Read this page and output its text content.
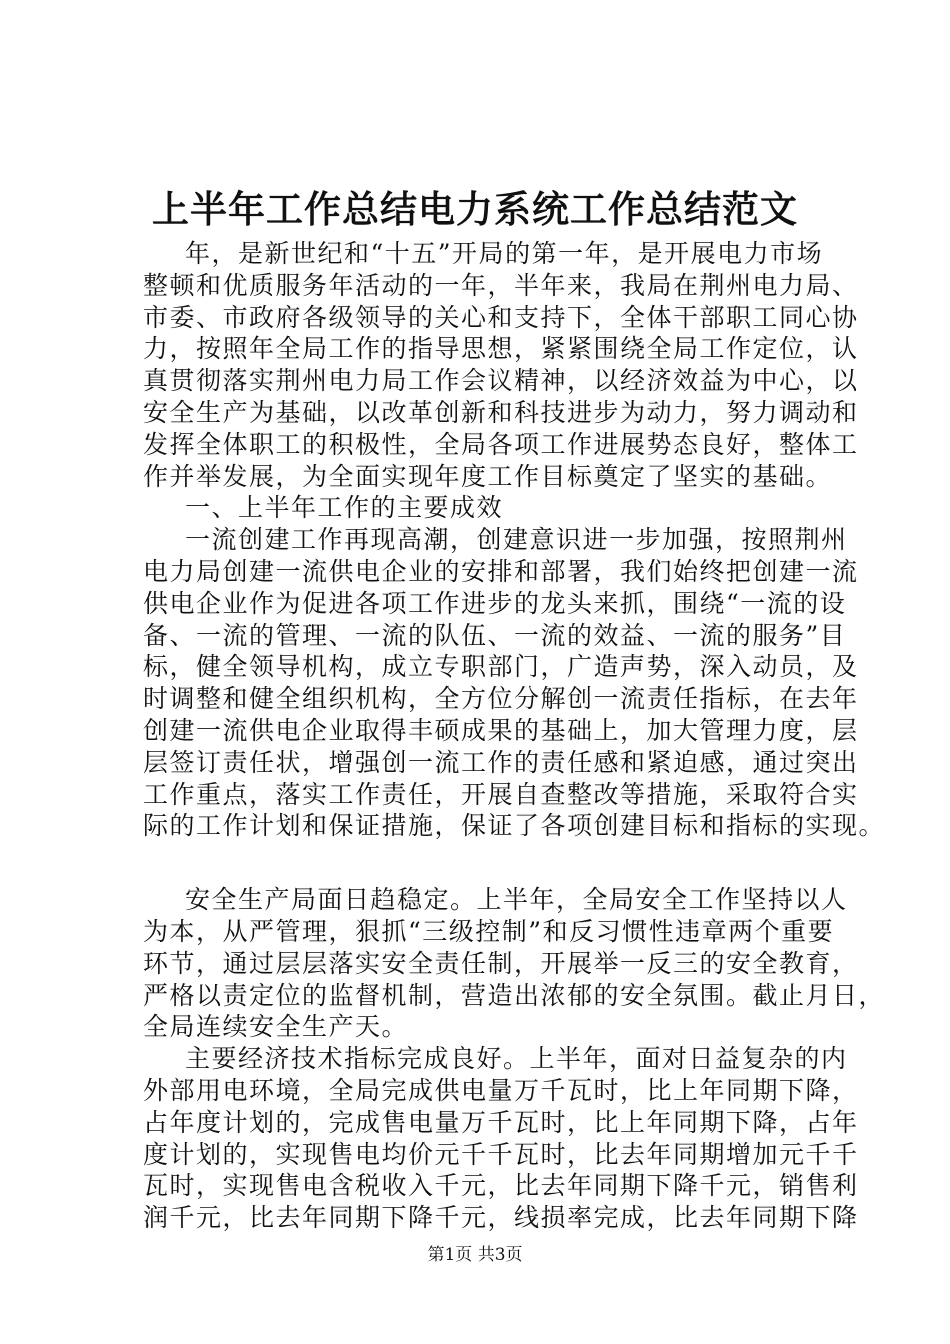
上半年工作总结电力系统工作总结范文
年，是新世纪和“十五”开局的第一年，是开展电力市场
整顿和优质服务年活动的一年，半年来，我局在荆州电力局、
市委、市政府各级领导的关心和支持下，全体干部职工同心协
力，按照年全局工作的指导思想，紧紧围绕全局工作定位，认
真贯彻落实荆州电力局工作会议精神，以经济效益为中心，以
安全生产为基础，以改革创新和科技进步为动力，努力调动和
发挥全体职工的积极性，全局各项工作进展势态良好，整体工
作并举发展，为全面实现年度工作目标奠定了坚实的基础。
一、上半年工作的主要成效
一流创建工作再现高潮，创建意识进一步加强，按照荆州
电力局创建一流供电企业的安排和部署，我们始终把创建一流
供电企业作为促进各项工作进步的龙头来抓，围绕“一流的设
备、一流的管理、一流的队伍、一流的效益、一流的服务”目
标，健全领导机构，成立专职部门，广造声势，深入动员，及
时调整和健全组织机构，全方位分解创一流责任指标，在去年
创建一流供电企业取得丰硕成果的基础上，加大管理力度，层
层签订责任状，增强创一流工作的责任感和紧迫感，通过突出
工作重点，落实工作责任，开展自查整改等措施，采取符合实
际的工作计划和保证措施，保证了各项创建目标和指标的实现。
安全生产局面日趋稳定。上半年，全局安全工作坚持以人
为本，从严管理，狠抓“三级控制”和反习惯性违章两个重要
环节，通过层层落实安全责任制，开展举一反三的安全教育，
严格以责定位的监督机制，营造出浓郁的安全氛围。截止月日，
全局连续安全生产天。
主要经济技术指标完成良好。上半年，面对日益复杂的内
外部用电环境，全局完成供电量万千瓦时，比上年同期下降，
占年度计划的，完成售电量万千瓦时，比上年同期下降，占年
度计划的，实现售电均价元千千瓦时，比去年同期增加元千千
瓦时，实现售电含税收入千元，比去年同期下降千元，销售利
润千元，比去年同期下降千元，线损率完成，比去年同期下降
第1页 共3页
